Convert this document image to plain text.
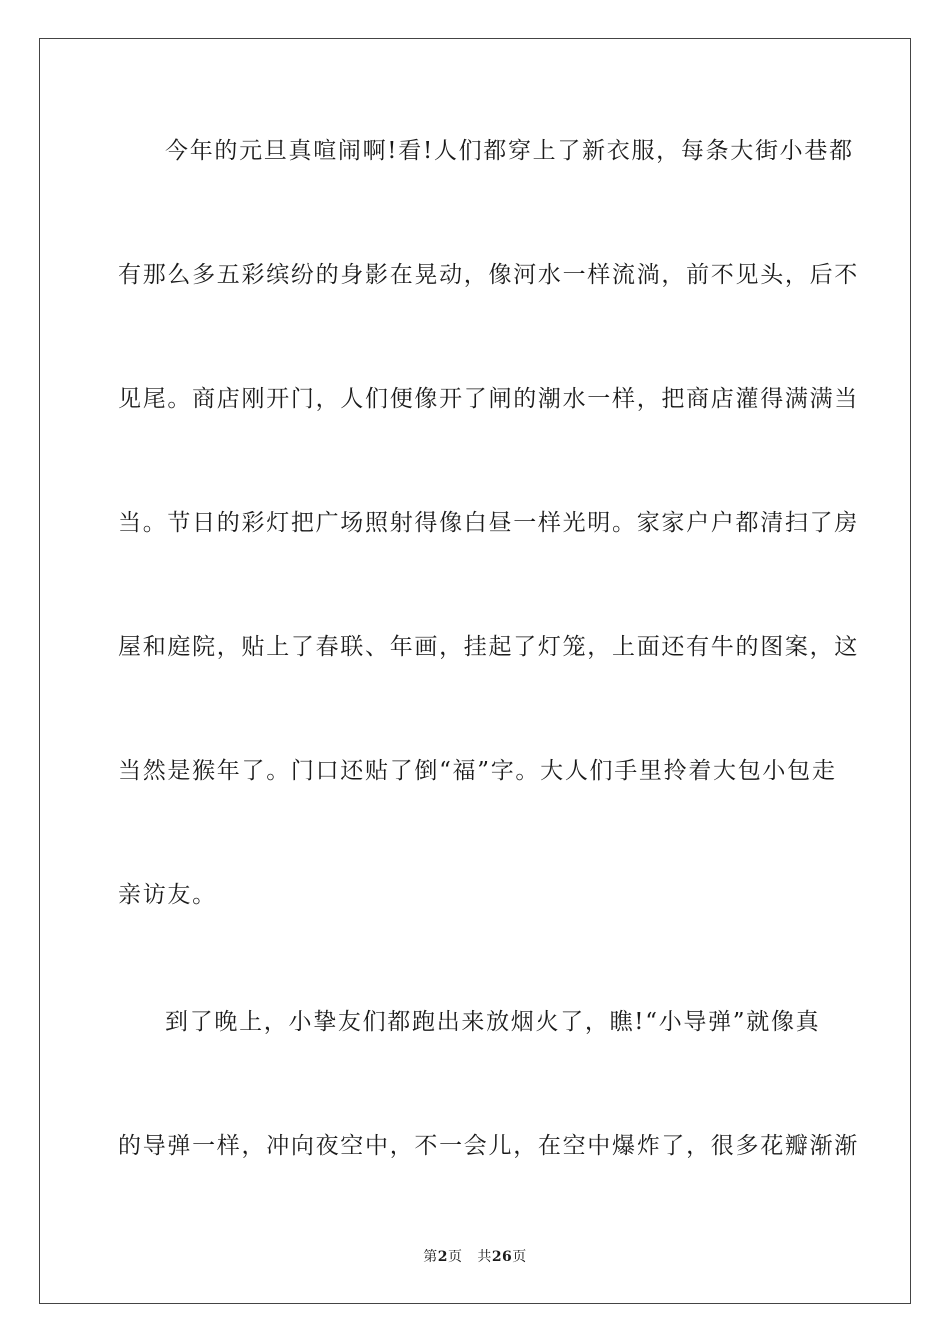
今年的元旦真喧闹啊!看!人们都穿上了新衣服，每条大街小巷都
有那么多五彩缤纷的身影在晃动，像河水一样流淌，前不见头，后不
见尾。商店刚开门，人们便像开了闸的潮水一样，把商店灌得满满当
当。节日的彩灯把广场照射得像白昼一样光明。家家户户都清扫了房
屋和庭院，贴上了春联、年画，挂起了灯笼，上面还有牛的图案，这
当然是猴年了。门口还贴了倒“福”字。大人们手里拎着大包小包走
亲访友。
到了晚上，小挚友们都跑出来放烟火了，瞧!“小导弹”就像真
的导弹一样，冲向夜空中，不一会儿，在空中爆炸了，很多花瓣渐渐
第2页 共26页
